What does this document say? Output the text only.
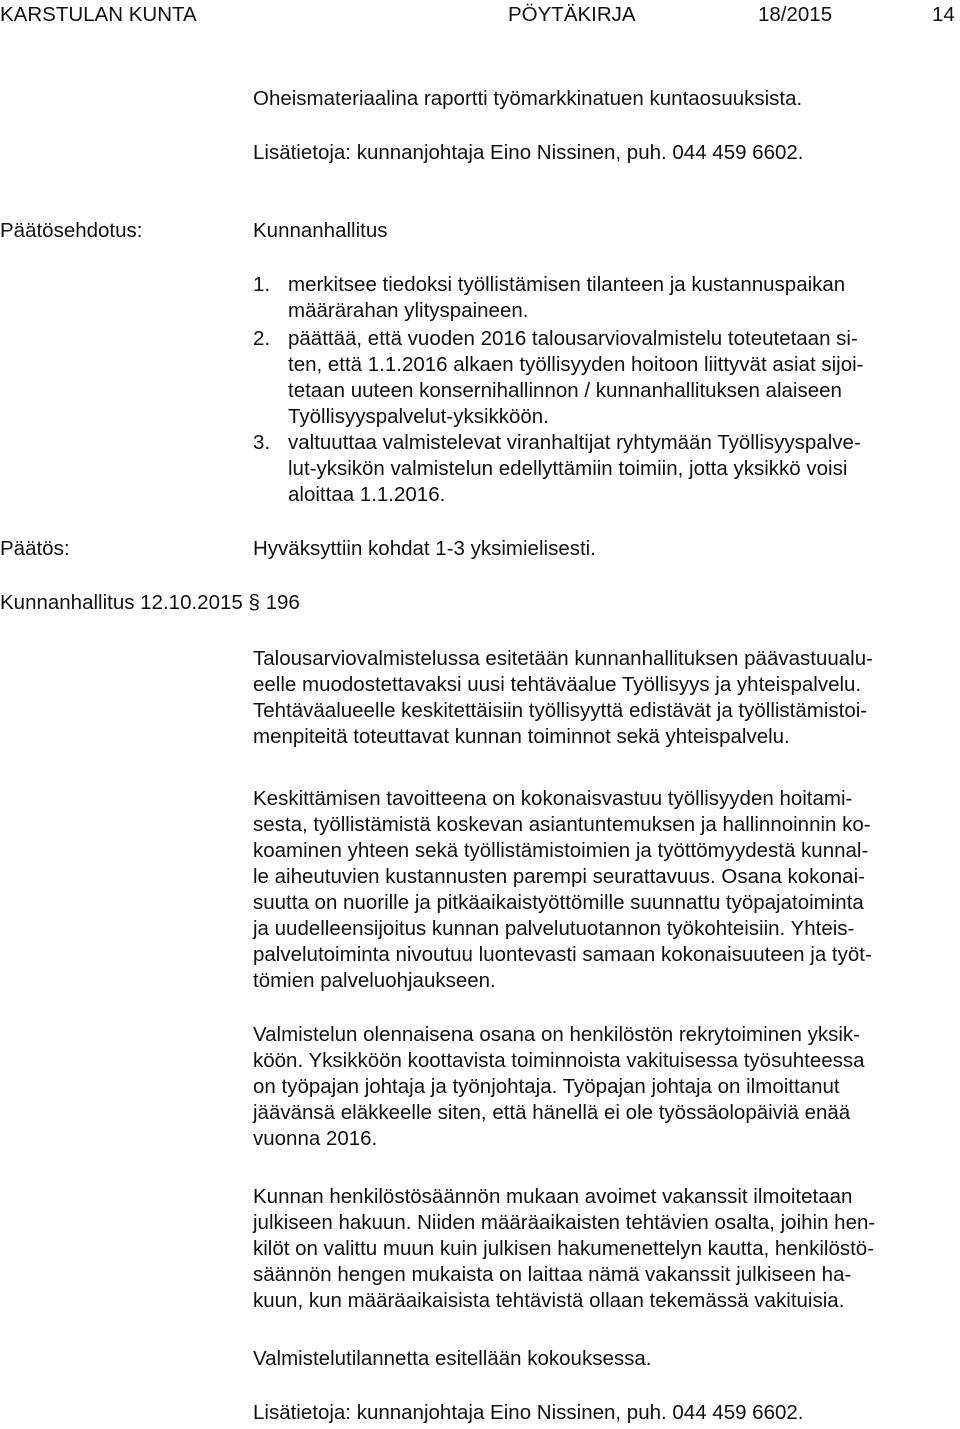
KARSTULAN KUNTA	PÖYTÄKIRJA	18/2015	14
Oheismateriaalina raportti työmarkkinatuen kuntaosuuksista.
Lisätietoja: kunnanjohtaja Eino Nissinen, puh. 044 459 6602.
Päätösehdotus:	Kunnanhallitus
1. merkitsee tiedoksi työllistämisen tilanteen ja kustannuspaikan
määrärahan ylityspaineen.
2. päättää, että vuoden 2016 talousarviovalmistelu toteutetaan si-
ten, että 1.1.2016 alkaen työllisyyden hoitoon liittyvät asiat sijoi-
tetaan uuteen konsernihallinnon / kunnanhallituksen alaiseen
Työllisyyspalvelut-yksikköön.
3. valtuuttaa valmistelevat viranhaltijat ryhtymään Työllisyyspalve-
lut-yksikön valmistelun edellyttämiin toimiin, jotta yksikkö voisi
aloittaa 1.1.2016.
Päätös:	Hyväksyttiin kohdat 1-3 yksimielisesti.
Kunnanhallitus 12.10.2015 § 196
Talousarviovalmistelussa esitetään kunnanhallituksen päävastuualu-
eelle muodostettavaksi uusi tehtäväalue Työllisyys ja yhteispalvelu.
Tehtäväalueelle keskitettäisiin työllisyyttä edistävät ja työllistämistoi-
menpiteitä toteuttavat kunnan toiminnot sekä yhteispalvelu.
Keskittämisen tavoitteena on kokonaisvastuu työllisyyden hoitami-
sesta, työllistämistä koskevan asiantuntemuksen ja hallinnoinnin ko-
koaminen yhteen sekä työllistämistoimien ja työttömyydestä kunnal-
le aiheutuvien kustannusten parempi seurattavuus. Osana kokonai-
suutta on nuorille ja pitkäaikaistyöttömille suunnattu työpajatoiminta
ja uudelleensijoitus kunnan palvelutuotannon työkohteisiin. Yhteis-
palvelutoiminta nivoutuu luontevasti samaan kokonaisuuteen ja työt-
tömien palveluohjaukseen.
Valmistelun olennaisena osana on henkilöstön rekrytoiminen yksik-
köön. Yksikköön koottavista toiminnoista vakituisessa työsuhteessa
on työpajan johtaja ja työnjohtaja. Työpajan johtaja on ilmoittanut
jäävänsä eläkkeelle siten, että hänellä ei ole työssäolopäiviä enää
vuonna 2016.
Kunnan henkilöstösäännön mukaan avoimet vakanssit ilmoitetaan
julkiseen hakuun. Niiden määräaikaisten tehtävien osalta, joihin hen-
kilöt on valittu muun kuin julkisen hakumenettelyn kautta, henkilöstö-
säännön hengen mukaista on laittaa nämä vakanssit julkiseen ha-
kuun, kun määräaikaisista tehtävistä ollaan tekemässä vakituisia.
Valmistelutilannetta esitellään kokouksessa.
Lisätietoja: kunnanjohtaja Eino Nissinen, puh. 044 459 6602.
